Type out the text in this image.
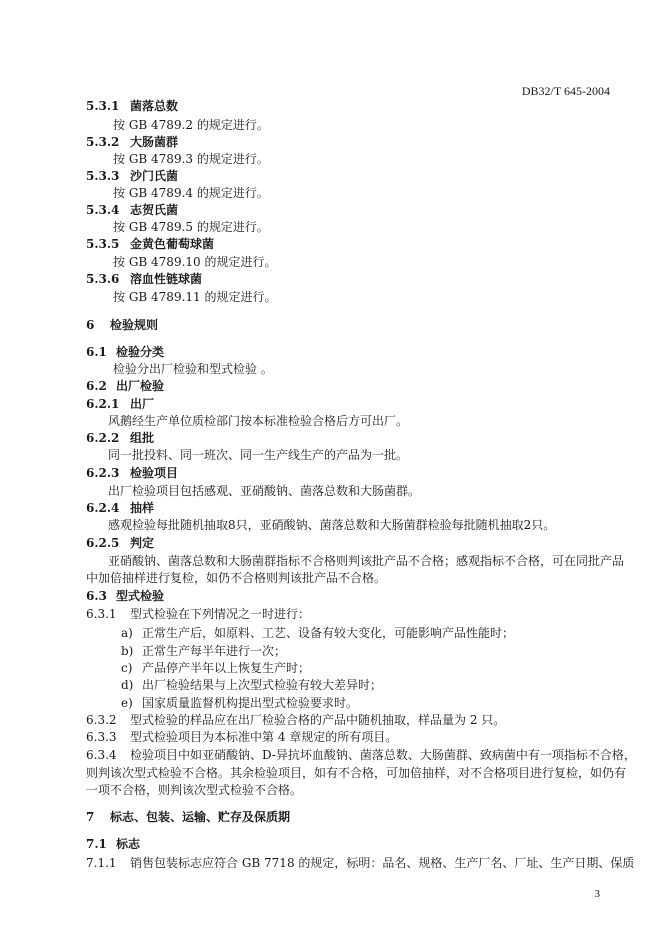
DB32/T 645-2004
5.3.1 菌落总数
按 GB 4789.2 的规定进行。
5.3.2 大肠菌群
按 GB 4789.3 的规定进行。
5.3.3 沙门氏菌
按 GB 4789.4 的规定进行。
5.3.4 志贺氏菌
按 GB 4789.5 的规定进行。
5.3.5 金黄色葡萄球菌
按 GB 4789.10 的规定进行。
5.3.6 溶血性链球菌
按 GB 4789.11 的规定进行。
6 检验规则
6.1 检验分类
检验分出厂检验和型式检验 。
6.2 出厂检验
6.2.1 出厂
风鹅经生产单位质检部门按本标准检验合格后方可出厂。
6.2.2 组批
同一批投料、同一班次、同一生产线生产的产品为一批。
6.2.3 检验项目
出厂检验项目包括感观、亚硝酸钠、菌落总数和大肠菌群。
6.2.4 抽样
感观检验每批随机抽取8只，亚硝酸钠、菌落总数和大肠菌群检验每批随机抽取2只。
6.2.5 判定
亚硝酸钠、菌落总数和大肠菌群指标不合格则判该批产品不合格；感观指标不合格，可在同批产品
中加倍抽样进行复检，如仍不合格则判该批产品不合格。
6.3 型式检验
6.3.1 型式检验在下列情况之一时进行：
a) 正常生产后，如原料、工艺、设备有较大变化，可能影响产品性能时；
b) 正常生产每半年进行一次；
c) 产品停产半年以上恢复生产时；
d) 出厂检验结果与上次型式检验有较大差异时；
e) 国家质量监督机构提出型式检验要求时。
6.3.2 型式检验的样品应在出厂检验合格的产品中随机抽取，样品量为 2 只。
6.3.3 型式检验项目为本标准中第 4 章规定的所有项目。
6.3.4 检验项目中如亚硝酸钠、D-异抗坏血酸钠、菌落总数、大肠菌群、致病菌中有一项指标不合格，
则判该次型式检验不合格。其余检验项目，如有不合格，可加倍抽样，对不合格项目进行复检，如仍有
一项不合格，则判该次型式检验不合格。
7 标志、包装、运输、贮存及保质期
7.1 标志
7.1.1 销售包装标志应符合 GB 7718 的规定，标明：品名、规格、生产厂名、厂址、生产日期、保质
3
